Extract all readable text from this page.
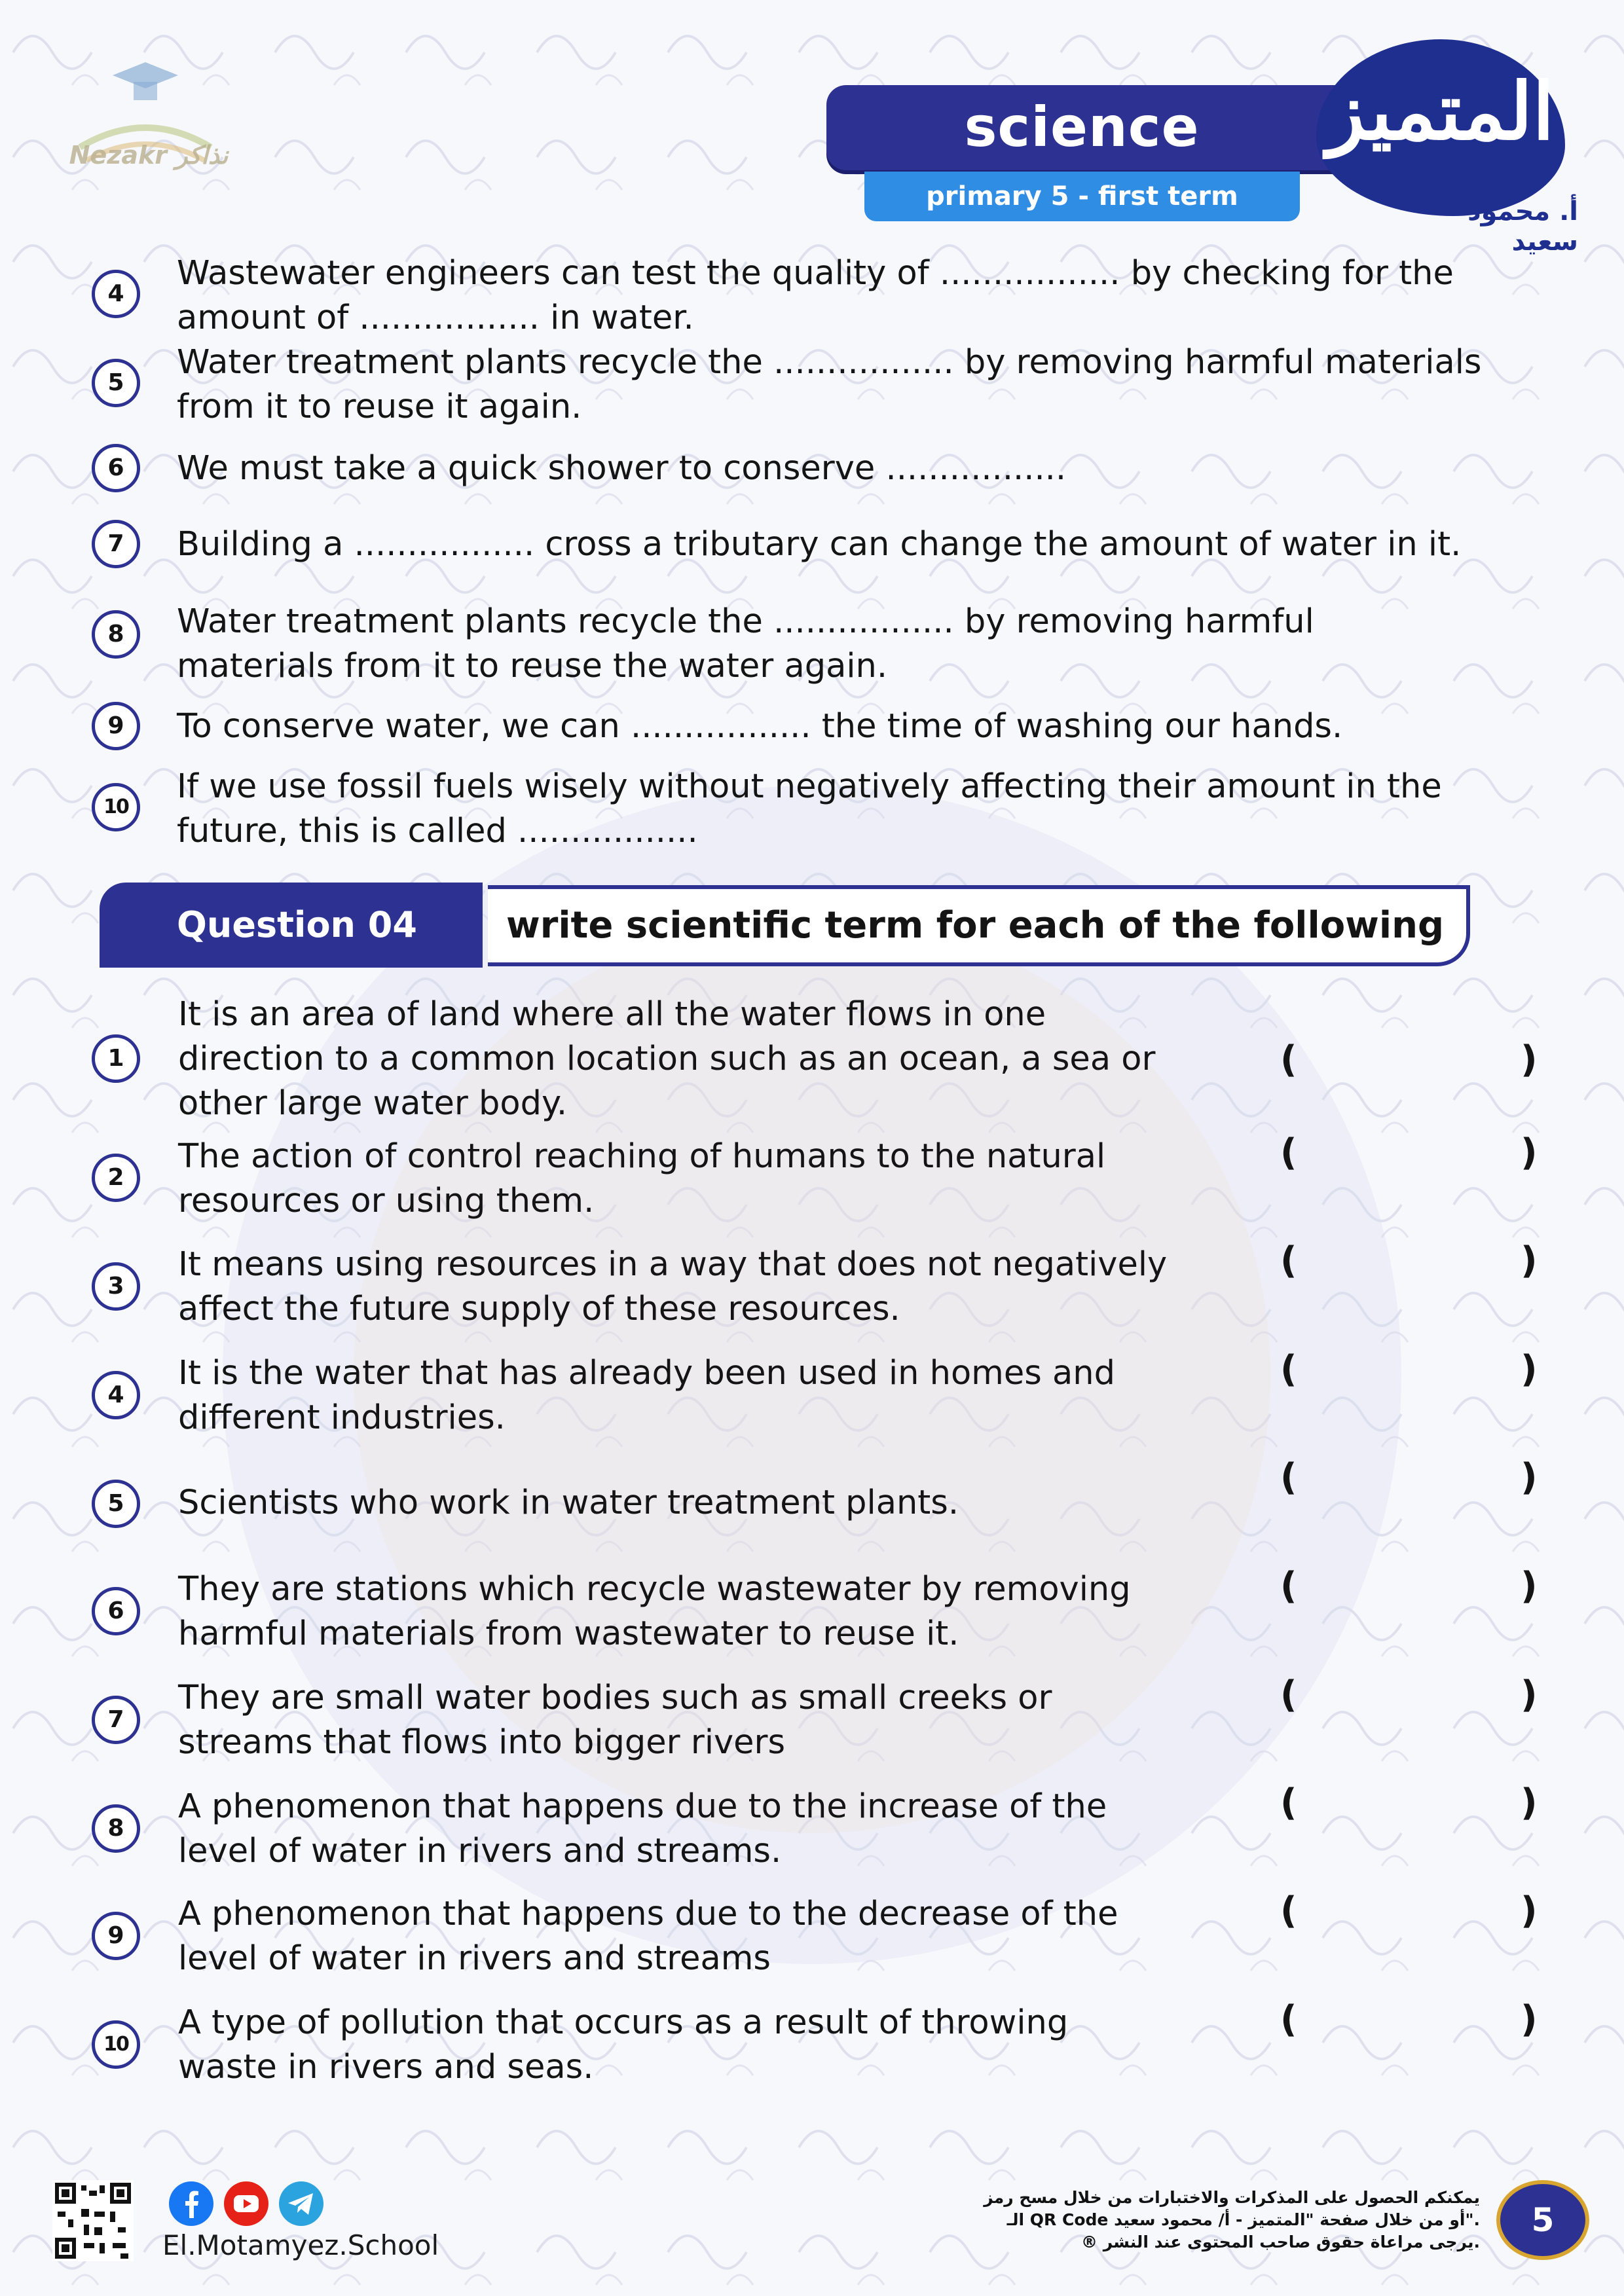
Nezakr نذاكر	science
primary 5 - first term
المتميز
أ. محمود سعيد
4
Wastewater engineers can test the quality of ................. by checking for the
amount of ................. in water.
5
Water treatment plants recycle the ................. by removing harmful materials
from it to reuse it again.
6	We must take a quick shower to conserve .................
7	Building a ................. cross a tributary can change the amount of water in it.
8	Water treatment plants recycle the ................. by removing harmful
materials from it to reuse the water again.
9	To conserve water, we can ................. the time of washing our hands.
10
If we use fossil fuels wisely without negatively affecting their amount in the
future, this is called .................
Question 04	write scientific term for each of the following
1
It is an area of land where all the water flows in one
direction to a common location such as an ocean, a sea or
other large water body.
(	)
2
The action of control reaching of humans to the natural
resources or using them.
(	)
3
It means using resources in a way that does not negatively
affect the future supply of these resources.
(	)
4
It is the water that has already been used in homes and
different industries.
(	)
5	Scientists who work in water treatment plants.
(	)
6
They are stations which recycle wastewater by removing
harmful materials from wastewater to reuse it.
(	)
7
They are small water bodies such as small creeks or
streams that flows into bigger rivers
(	)
8
A phenomenon that happens due to the increase of the
level of water in rivers and streams.
(	)
9
A phenomenon that happens due to the decrease of the
level of water in rivers and streams
(	)
10
A type of pollution that occurs as a result of throwing
waste in rivers and seas.
(	)
El.Motamyez.School
يمكنكم الحصول على المذكرات والاختبارات من خلال مسح رمز
الـ QR Code أو من خلال صفحة "المتميز - أ/ محمود سعيد".
® يرجى مراعاة حقوق صاحب المحتوى عند النشر.
5
